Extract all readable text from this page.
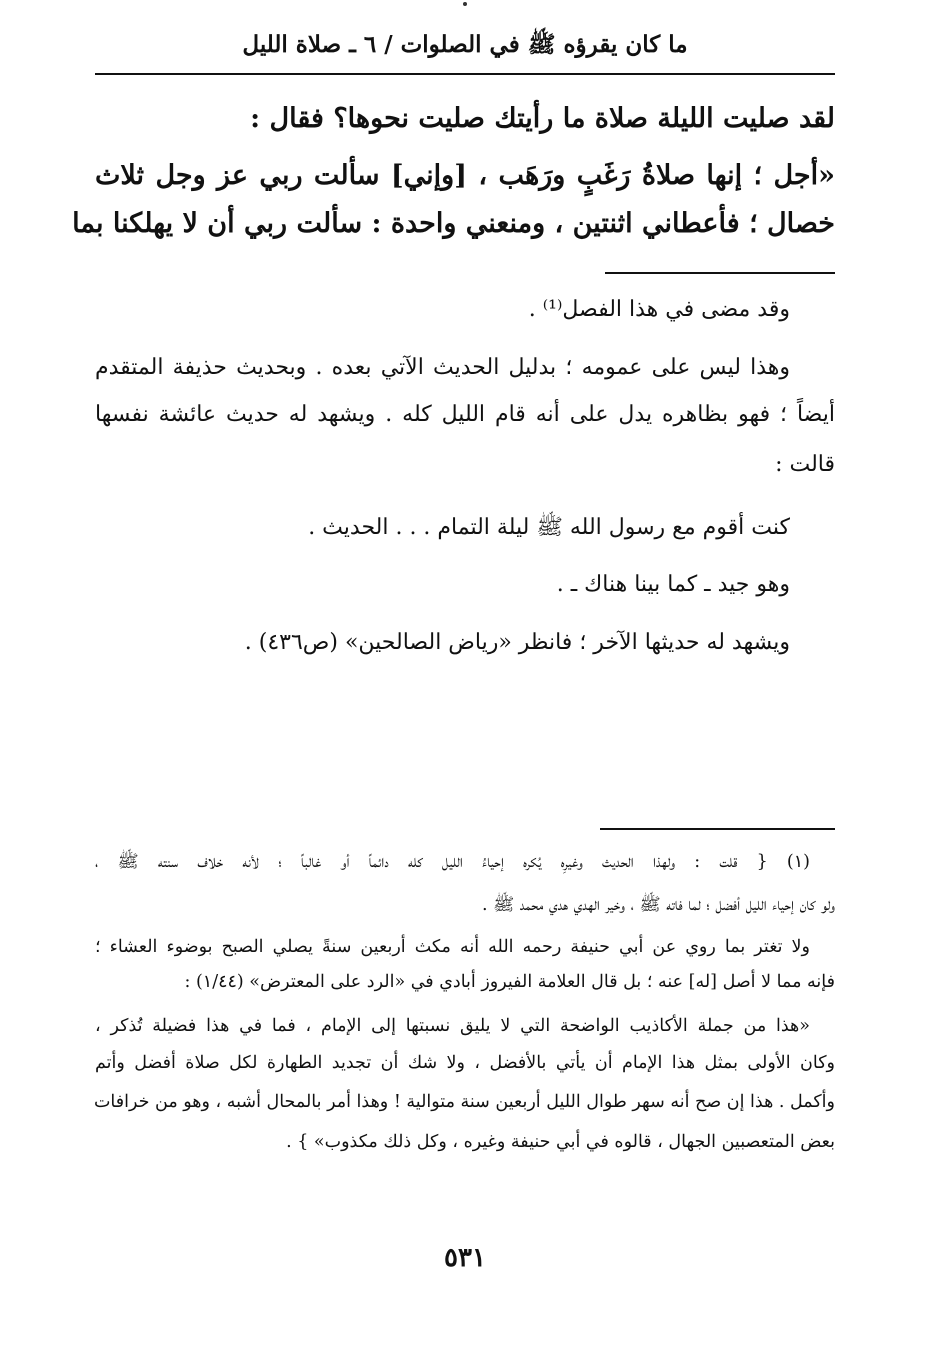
ما كان يقرؤه ﷺ في الصلوات / ٦ ـ صلاة الليل
لقد صليت الليلة صلاة ما رأيتك صليت نحوها؟ فقال :
«أجل ؛ إنها صلاةُ رَغَبٍ ورَهَب ، [وإني] سألت ربي عز وجل ثلاث
خصال ؛ فأعطاني اثنتين ، ومنعني واحدة : سألت ربي أن لا يهلكنا بما
وقد مضى في هذا الفصل⁽¹⁾ .
وهذا ليس على عمومه ؛ بدليل الحديث الآتي بعده . وبحديث حذيفة المتقدم
أيضاً ؛ فهو بظاهره يدل على أنه قام الليل كله . ويشهد له حديث عائشة نفسها
قالت :
كنت أقوم مع رسول الله ﷺ ليلة التمام . . . الحديث .
وهو جيد ـ كما بينا هناك ـ .
ويشهد له حديثها الآخر ؛ فانظر «رياض الصالحين» (ص٤٣٦) .
(١) { قلت : ولهذا الحديث وغيرِه يُكره إحياءُ الليل كله دائماً أو غالباً ؛ لأنه خلاف سنته ﷺ ،
ولو كان إحياء الليل أفضل ؛ لما فاته ﷺ ، وخير الهدي هدي محمد ﷺ .
ولا تغتر بما روي عن أبي حنيفة رحمه الله أنه مكث أربعين سنةً يصلي الصبح بوضوء العشاء ؛
فإنه مما لا أصل [له] عنه ؛ بل قال العلامة الفيروز أبادي في «الرد على المعترض» (١/٤٤) :
«هذا من جملة الأكاذيب الواضحة التي لا يليق نسبتها إلى الإمام ، فما في هذا فضيلة تُذكر ،
وكان الأولى بمثل هذا الإمام أن يأتي بالأفضل ، ولا شك أن تجديد الطهارة لكل صلاة أفضل وأتم
وأكمل . هذا إن صح أنه سهر طوال الليل أربعين سنة متوالية ! وهذا أمر بالمحال أشبه ، وهو من خرافات
بعض المتعصبين الجهال ، قالوه في أبي حنيفة وغيره ، وكل ذلك مكذوب» } .
٥٣١
